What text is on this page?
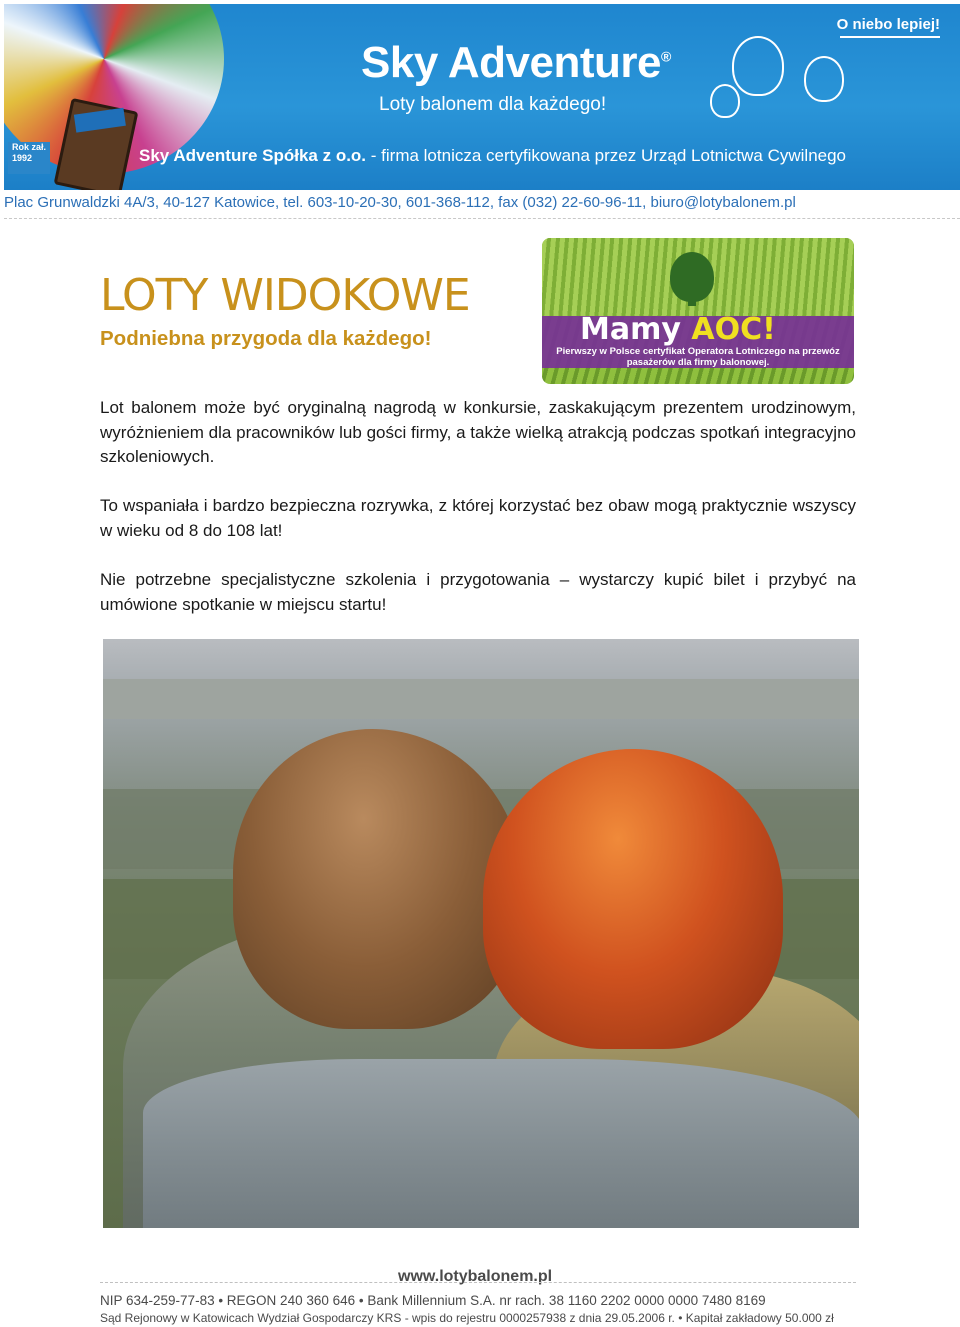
Rok zał.
1992
Sky Adventure®
Loty balonem dla każdego!
O niebo lepiej!
Sky Adventure Spółka z o.o. - firma lotnicza certyfikowana przez Urząd Lotnictwa Cywilnego
Plac Grunwaldzki 4A/3, 40-127 Katowice, tel. 603-10-20-30, 601-368-112, fax (032) 22-60-96-11, biuro@lotybalonem.pl
LOTY WIDOKOWE
Podniebna przygoda dla każdego!	Mamy AOC!
Pierwszy w Polsce certyfikat Operatora Lotniczego na przewóz pasażerów dla firmy balonowej.
Lot balonem może być oryginalną nagrodą w konkursie, zaskakującym prezentem urodzinowym, wyróżnieniem dla pracowników lub gości firmy, a także wielką atrakcją podczas spotkań integracyjno szkoleniowych.
To wspaniała i bardzo bezpieczna rozrywka, z której korzystać bez obaw mogą praktycznie wszyscy w wieku od 8 do 108 lat!
Nie potrzebne specjalistyczne szkolenia i przygotowania – wystarczy kupić bilet i przybyć na umówione spotkanie w miejscu startu!
www.lotybalonem.pl
NIP 634-259-77-83 • REGON 240 360 646 • Bank Millennium S.A. nr rach. 38 1160 2202 0000 0000 7480 8169
Sąd Rejonowy w Katowicach Wydział Gospodarczy KRS - wpis do rejestru 0000257938 z dnia 29.05.2006 r. • Kapitał zakładowy 50.000 zł
